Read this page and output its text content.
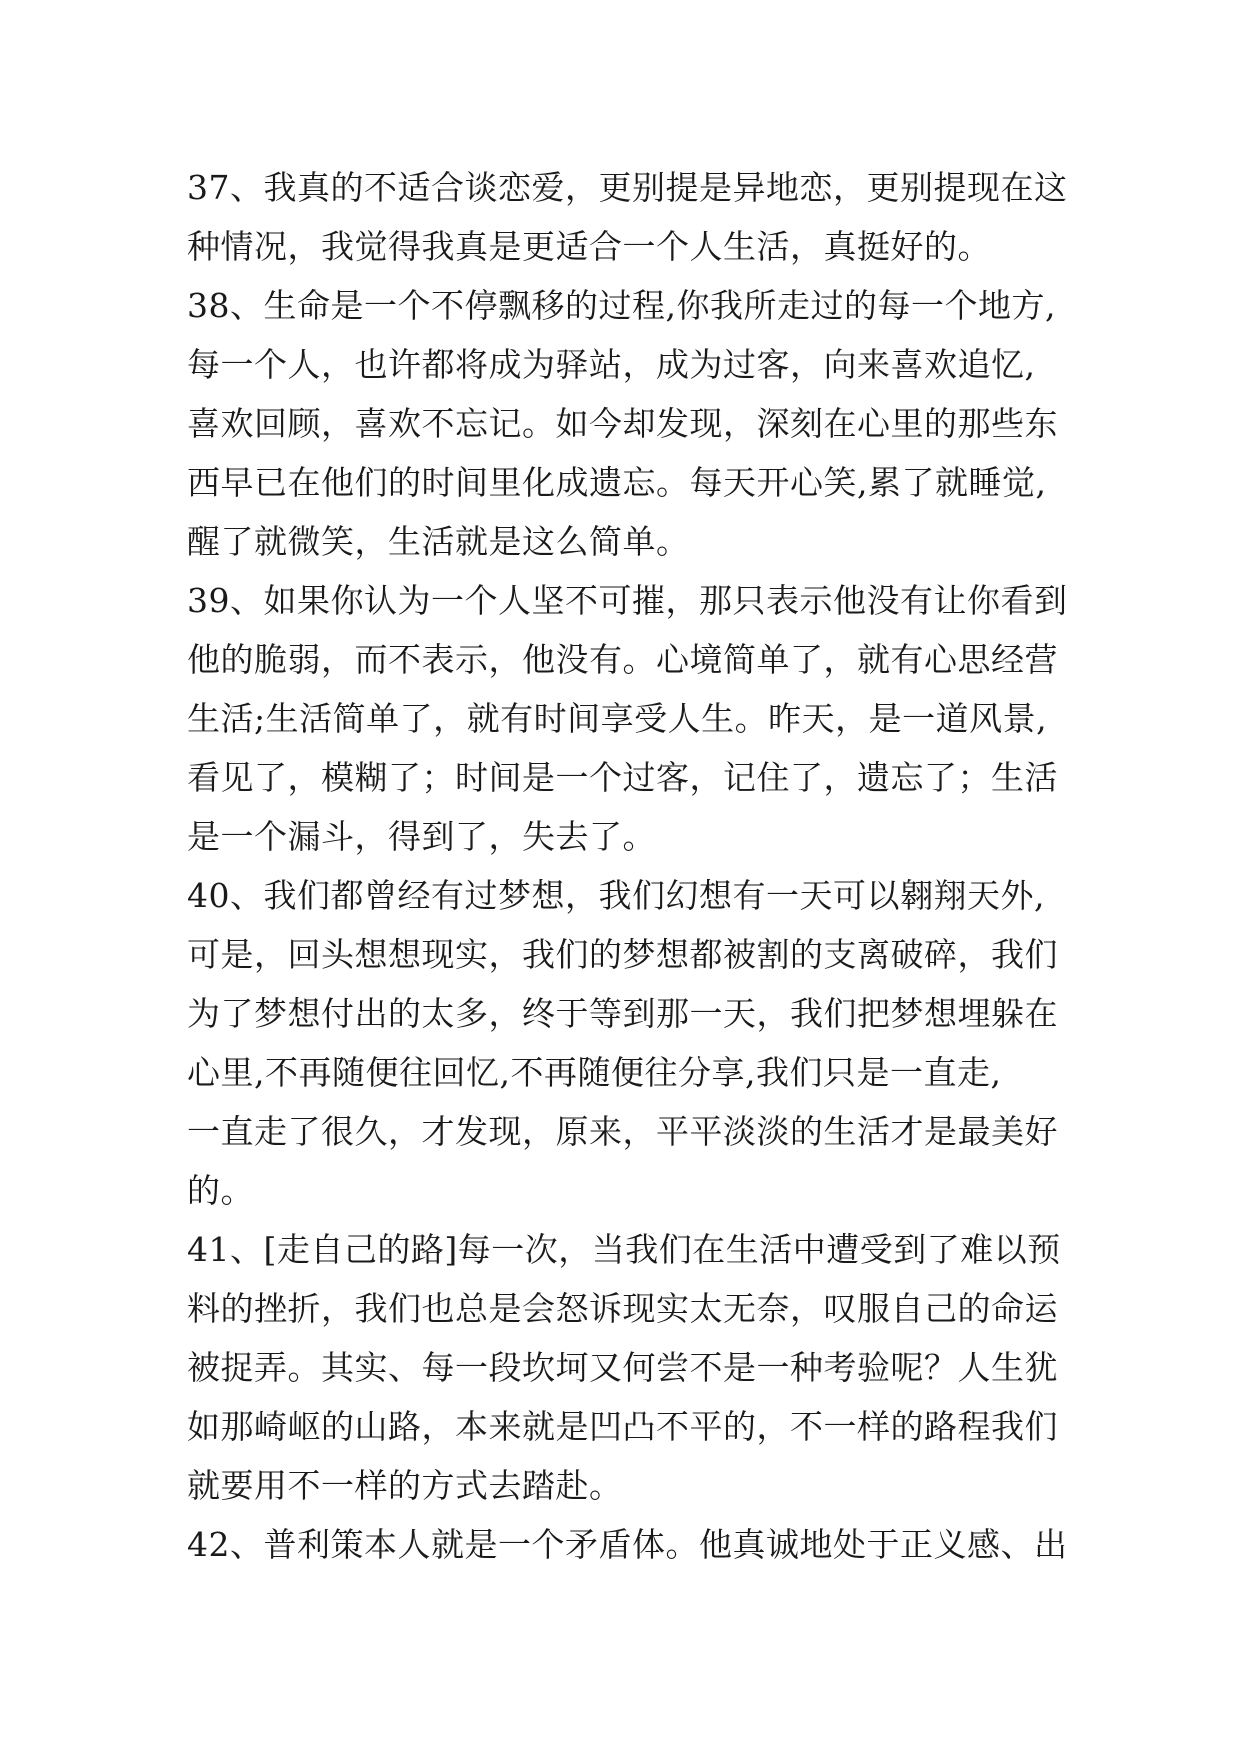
37、我真的不适合谈恋爱，更别提是异地恋，更别提现在这
种情况，我觉得我真是更适合一个人生活，真挺好的。
38、生命是一个不停飘移的过程,你我所走过的每一个地方,
每一个人，也许都将成为驿站，成为过客，向来喜欢追忆,
喜欢回顾，喜欢不忘记。如今却发现，深刻在心里的那些东
西早已在他们的时间里化成遗忘。每天开心笑,累了就睡觉,
醒了就微笑，生活就是这么简单。
39、如果你认为一个人坚不可摧，那只表示他没有让你看到
他的脆弱，而不表示，他没有。心境简单了，就有心思经营
生活;生活简单了，就有时间享受人生。昨天，是一道风景,
看见了，模糊了；时间是一个过客，记住了，遗忘了；生活
是一个漏斗，得到了，失去了。
40、我们都曾经有过梦想，我们幻想有一天可以翱翔天外,
可是，回头想想现实，我们的梦想都被割的支离破碎，我们
为了梦想付出的太多，终于等到那一天，我们把梦想埋躲在
心里,不再随便往回忆,不再随便往分享,我们只是一直走,
一直走了很久，才发现，原来，平平淡淡的生活才是最美好
的。
41、[走自己的路]每一次，当我们在生活中遭受到了难以预
料的挫折，我们也总是会怒诉现实太无奈，叹服自己的命运
被捉弄。其实、每一段坎坷又何尝不是一种考验呢？人生犹
如那崎岖的山路，本来就是凹凸不平的，不一样的路程我们
就要用不一样的方式去踏赴。
42、普利策本人就是一个矛盾体。他真诚地处于正义感、出
